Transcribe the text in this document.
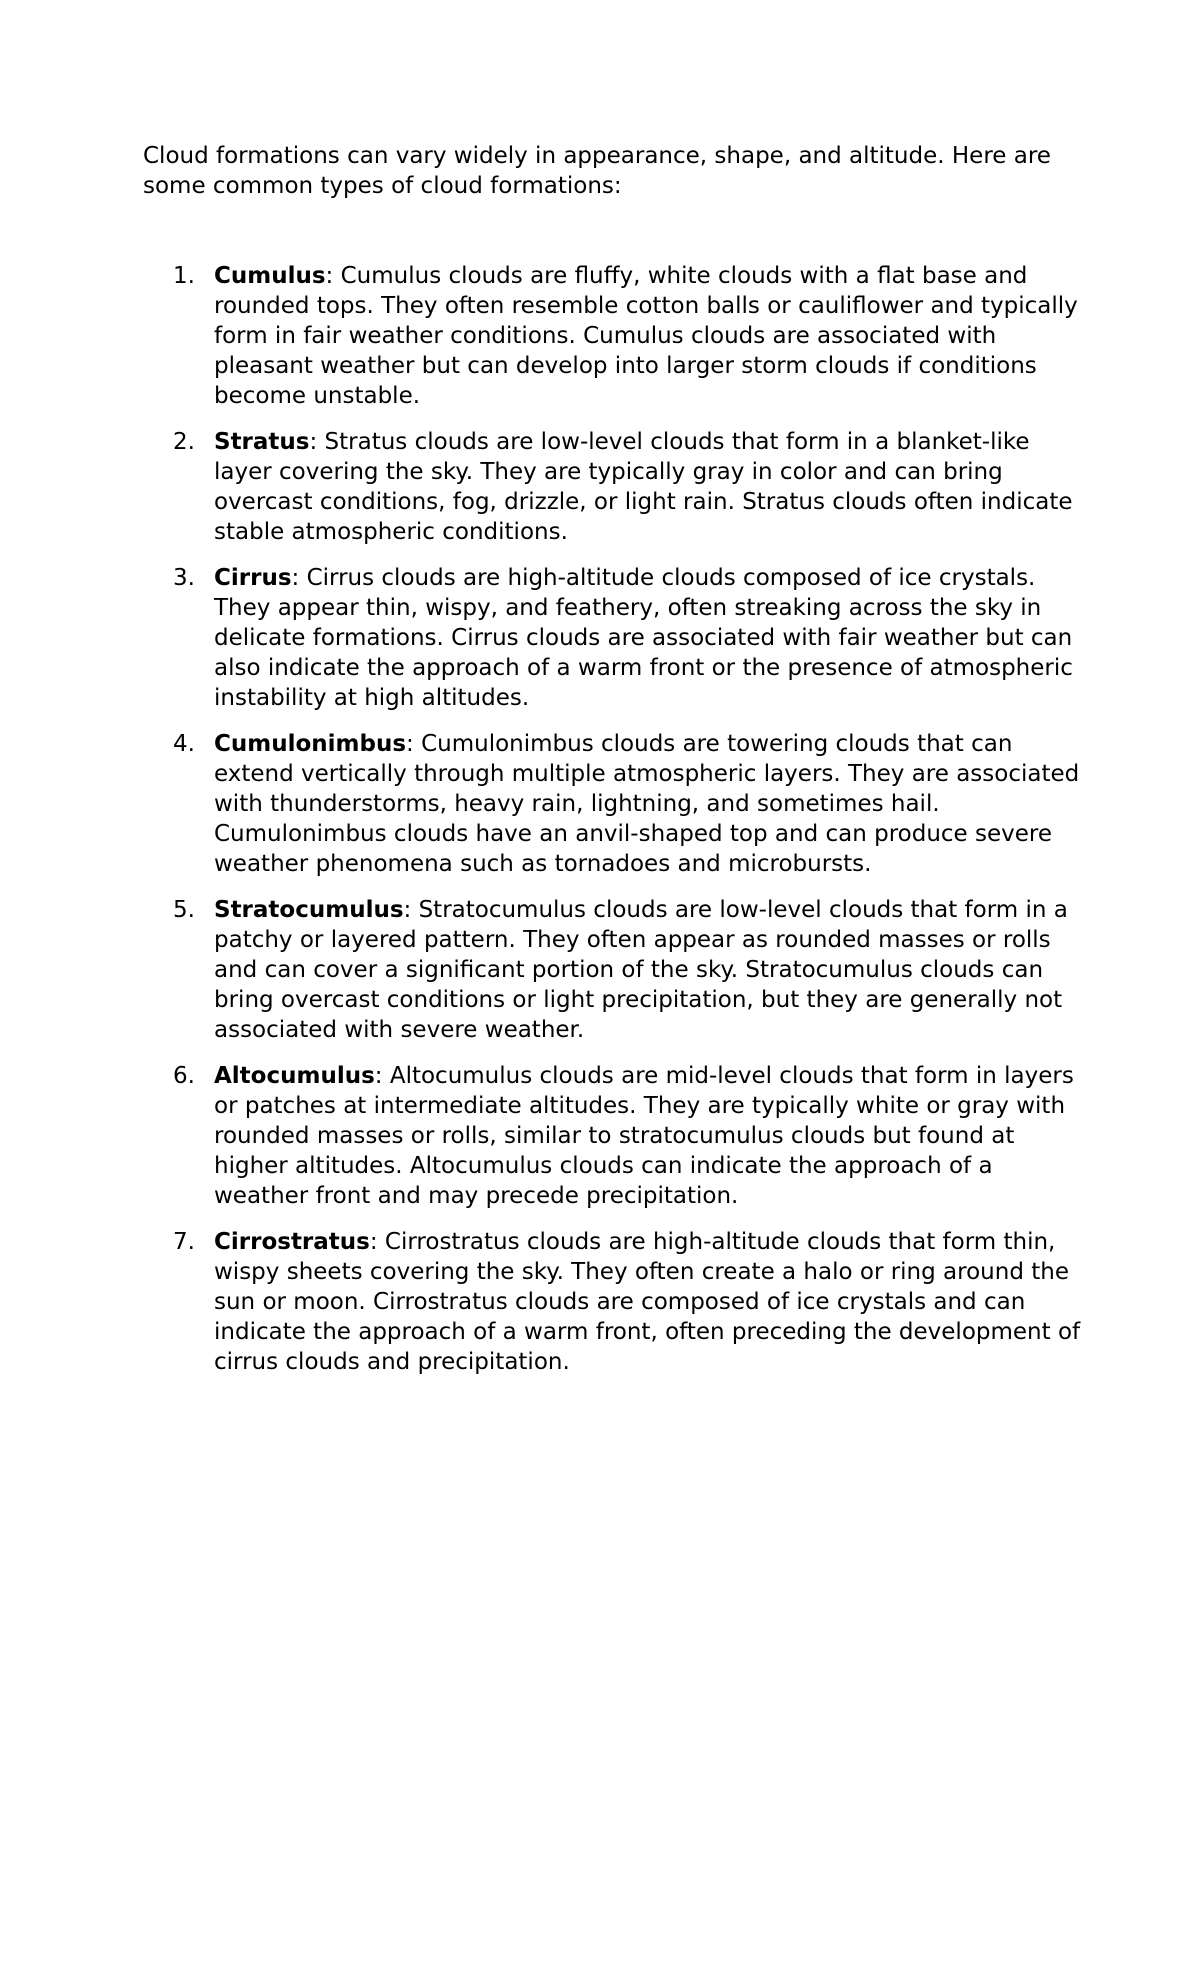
Cloud formations can vary widely in appearance, shape, and altitude. Here are some common types of cloud formations:

1. Cumulus: Cumulus clouds are fluffy, white clouds with a flat base and rounded tops. They often resemble cotton balls or cauliflower and typically form in fair weather conditions. Cumulus clouds are associated with pleasant weather but can develop into larger storm clouds if conditions become unstable.
2. Stratus: Stratus clouds are low-level clouds that form in a blanket-like layer covering the sky. They are typically gray in color and can bring overcast conditions, fog, drizzle, or light rain. Stratus clouds often indicate stable atmospheric conditions.
3. Cirrus: Cirrus clouds are high-altitude clouds composed of ice crystals. They appear thin, wispy, and feathery, often streaking across the sky in delicate formations. Cirrus clouds are associated with fair weather but can also indicate the approach of a warm front or the presence of atmospheric instability at high altitudes.
4. Cumulonimbus: Cumulonimbus clouds are towering clouds that can extend vertically through multiple atmospheric layers. They are associated with thunderstorms, heavy rain, lightning, and sometimes hail. Cumulonimbus clouds have an anvil-shaped top and can produce severe weather phenomena such as tornadoes and microbursts.
5. Stratocumulus: Stratocumulus clouds are low-level clouds that form in a patchy or layered pattern. They often appear as rounded masses or rolls and can cover a significant portion of the sky. Stratocumulus clouds can bring overcast conditions or light precipitation, but they are generally not associated with severe weather.
6. Altocumulus: Altocumulus clouds are mid-level clouds that form in layers or patches at intermediate altitudes. They are typically white or gray with rounded masses or rolls, similar to stratocumulus clouds but found at higher altitudes. Altocumulus clouds can indicate the approach of a weather front and may precede precipitation.
7. Cirrostratus: Cirrostratus clouds are high-altitude clouds that form thin, wispy sheets covering the sky. They often create a halo or ring around the sun or moon. Cirrostratus clouds are composed of ice crystals and can indicate the approach of a warm front, often preceding the development of cirrus clouds and precipitation.
